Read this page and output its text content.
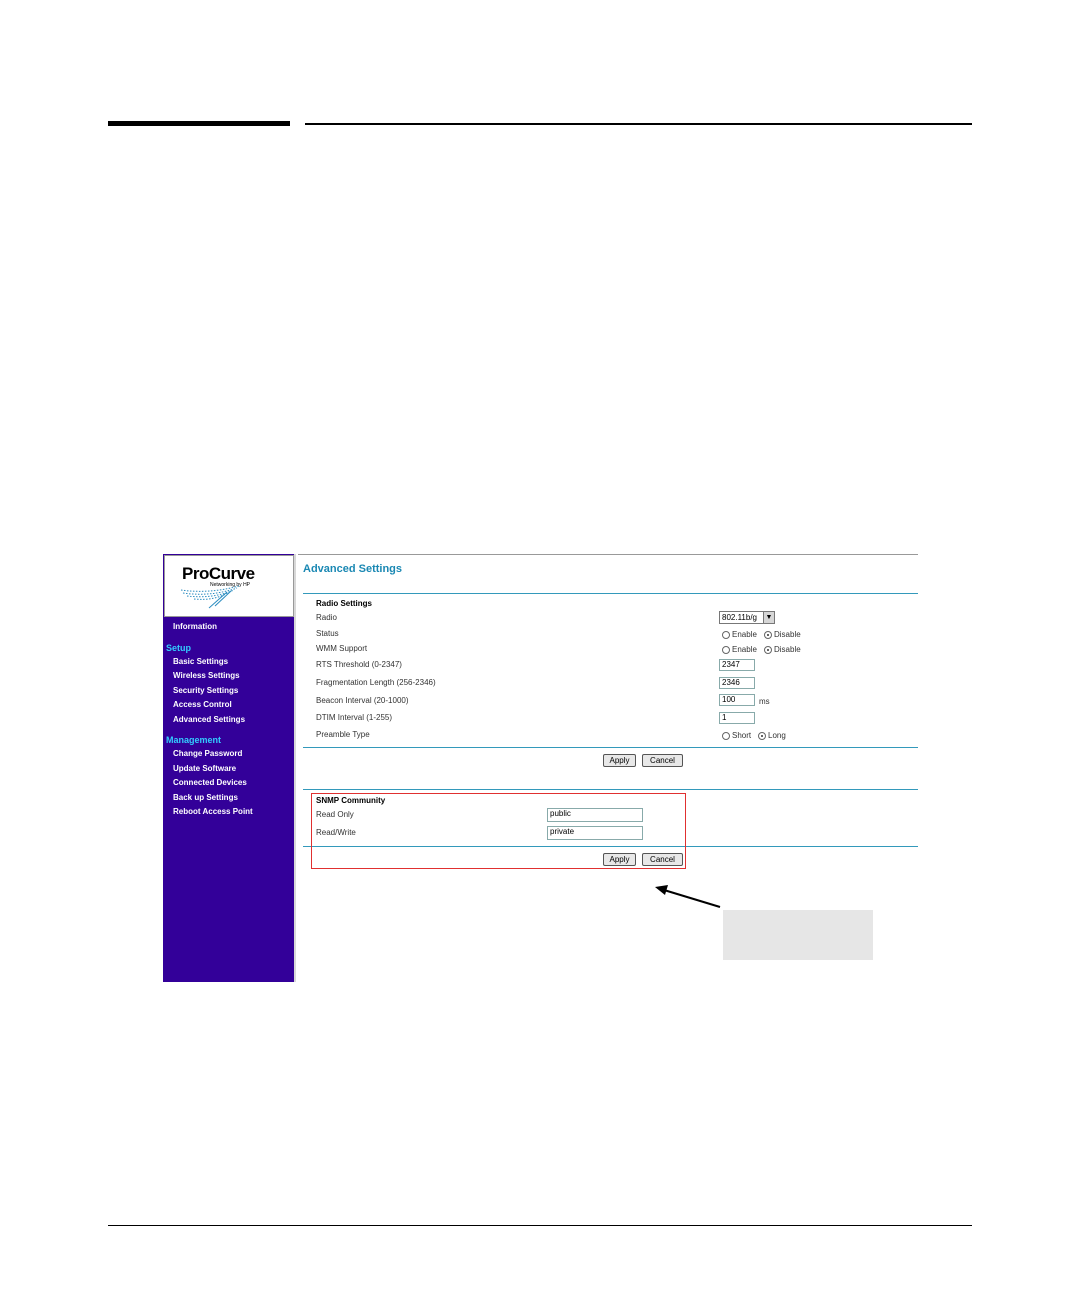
ProCurve
Networking by HP
Information
Setup
Basic Settings
Wireless Settings
Security Settings
Access Control
Advanced Settings
Management
Change Password
Update Software
Connected Devices
Back up Settings
Reboot Access Point
Advanced Settings
Radio Settings
Radio	802.11b/g	▼
Status	Enable Disable
WMM Support	Enable Disable
RTS Threshold (0-2347)	2347
Fragmentation Length (256-2346)	2346
Beacon Interval (20-1000)	100	ms
DTIM Interval (1-255)	1
Preamble Type	Short Long
Apply	Cancel
SNMP Community
Read Only	public
Read/Write	private
Apply	Cancel
